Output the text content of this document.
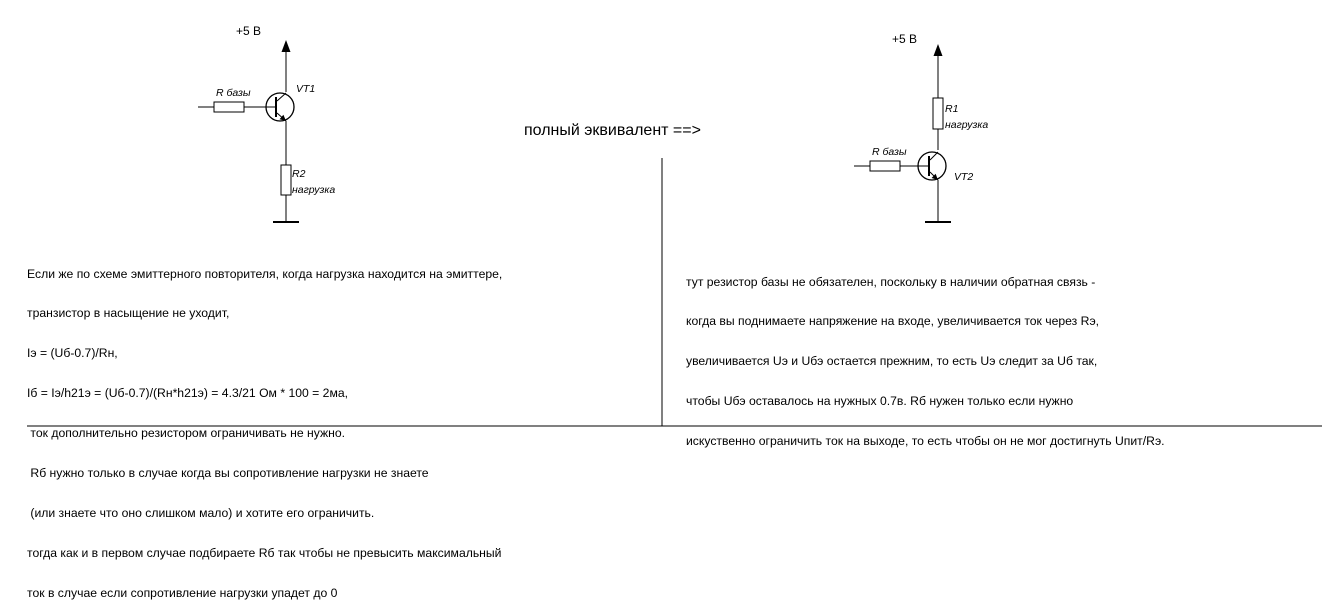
+5 В
R базы	VT1
R2
нагрузка
полный эквивалент ==>
+5 В
R1
нагрузка
R базы
VT2

Если же по схеме эмиттерного повторителя, когда нагрузка находится на эмиттере,

транзистор в насыщение не уходит,

Iэ = (Uб-0.7)/Rн,

Iб = Iэ/h21э = (Uб-0.7)/(Rн*h21э) = 4.3/21 Ом * 100 = 2ма,

ток дополнительно резистором ограничивать не нужно.

Rб нужно только в случае когда вы сопротивление нагрузки не знаете

(или знаете что оно слишком мало) и хотите его ограничить.

тогда как и в первом случае подбираете Rб так чтобы не превысить максимальный

ток в случае если сопротивление нагрузки упадет до 0

тут резистор базы не обязателен, поскольку в наличии обратная связь -

когда вы поднимаете напряжение на входе, увеличивается ток через Rэ,

увеличивается Uэ и Uбэ остается прежним, то есть Uэ следит за Uб так,

чтобы Uбэ оставалось на нужных 0.7в. Rб нужен только если нужно

искуственно ограничить ток на выходе, то есть чтобы он не мог достигнуть Uпит/Rэ.
